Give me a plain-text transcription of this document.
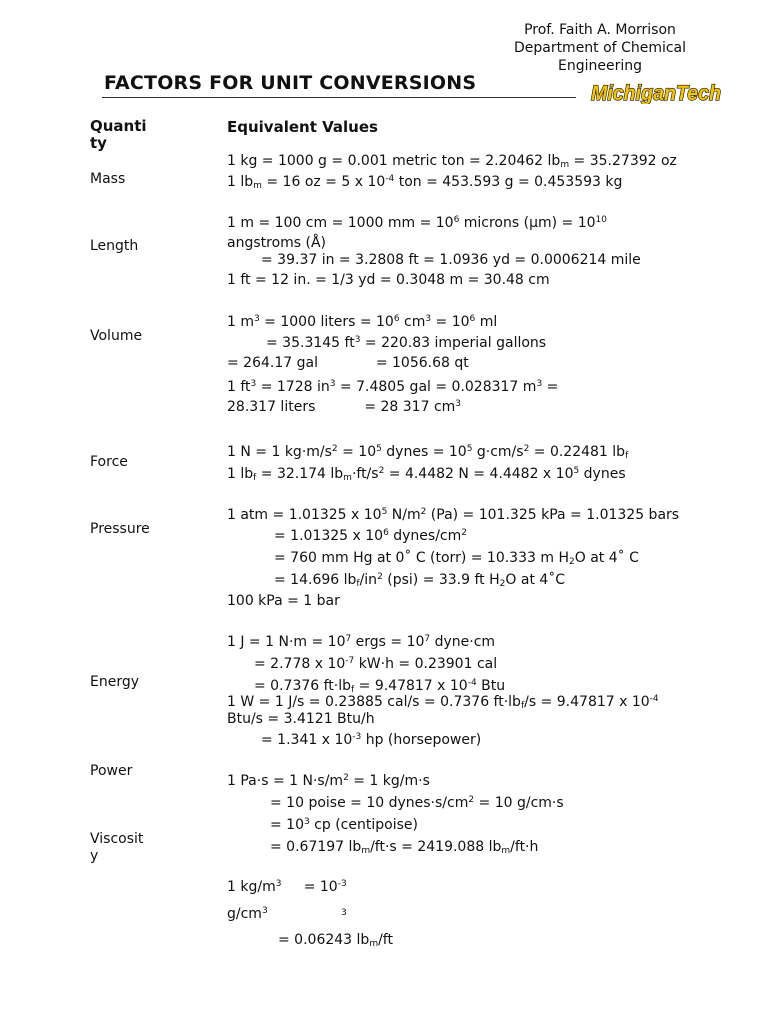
Prof. Faith A. Morrison
Department of Chemical
Engineering
FACTORS FOR UNIT CONVERSIONS	MichiganTech
Quantity
Equivalent Values
Mass
Length
Volume
Force
Pressure
Energy
Power
Viscosity
1 kg = 1000 g = 0.001 metric ton = 2.20462 $lb_m = 35.27392$ oz
1 $lb_m = 16$ oz = 5 x $10^{-4}$ ton = 453.593 g = 0.453593 kg
1 m = 100 cm = 1000 mm = $10^6$ microns $(\mu m) = 10^{10}$
angstroms (Å)
= 39.37 in = 3.2808 ft = 1.0936 yd = 0.0006214 mile
1 ft = 12 in. = 1/3 yd = 0.3048 m = 30.48 cm
1 $m^3 = 1000$ liters = $10^6$ $cm^3 = 10^6$ ml
= 35.3145 $ft^3 = 220.83$ imperial gallons
= 264.17 gal             = 1056.68 qt
1 $ft^3 = 1728$ $in^3 = 7.4805$ gal = 0.028317 $m^3$ =
28.317 liters           = 28 317 $cm^3$
1 N = 1 $kg\cdot m/s^2 = 10^5$ dynes = $10^5$ $g\cdot cm/s^2 = 0.22481$ $lb_f$
1 $lb_f = 32.174$ $lb_m\cdot ft/s^2 = 4.4482$ N = 4.4482 x $10^5$ dynes
1 atm = 1.01325 x $10^5$ $N/m^2$ (Pa) = 101.325 kPa = 1.01325 bars
= 1.01325 x $10^6$ dynes/$cm^2$
= 760 mm Hg at 0˚ C (torr) = 10.333 m $H_2O$ at 4˚ C
= 14.696 $lb_f/in^2$ (psi) = 33.9 ft $H_2O$ at 4˚C
100 kPa = 1 bar
1 J = 1 $N\cdot m = 10^7$ ergs = $10^7$ dyne·cm
= 2.778 x $10^{-7}$ kW·h = 0.23901 cal
= 0.7376 $ft\cdot lb_f = 9.47817$ x $10^{-4}$ Btu
1 W = 1 J/s = 0.23885 cal/s = 0.7376 $ft\cdot lb_f/s = 9.47817$ x $10^{-4}$
Btu/s = 3.4121 Btu/h
= 1.341 x $10^{-3}$ hp (horsepower)
1 Pa·s = 1 $N\cdot s/m^2 = 1$ kg/m·s
= 10 poise = 10 $dynes\cdot s/cm^2 = 10$ g/cm·s
= $10^3$ cp (centipoise)
= 0.67197 $lb_m/ft\cdot s = 2419.088$ $lb_m/ft\cdot h$
1 $kg/m^3$     = $10^{-3}$
$g/cm^3$	3
= 0.06243 $lb_m/ft$
